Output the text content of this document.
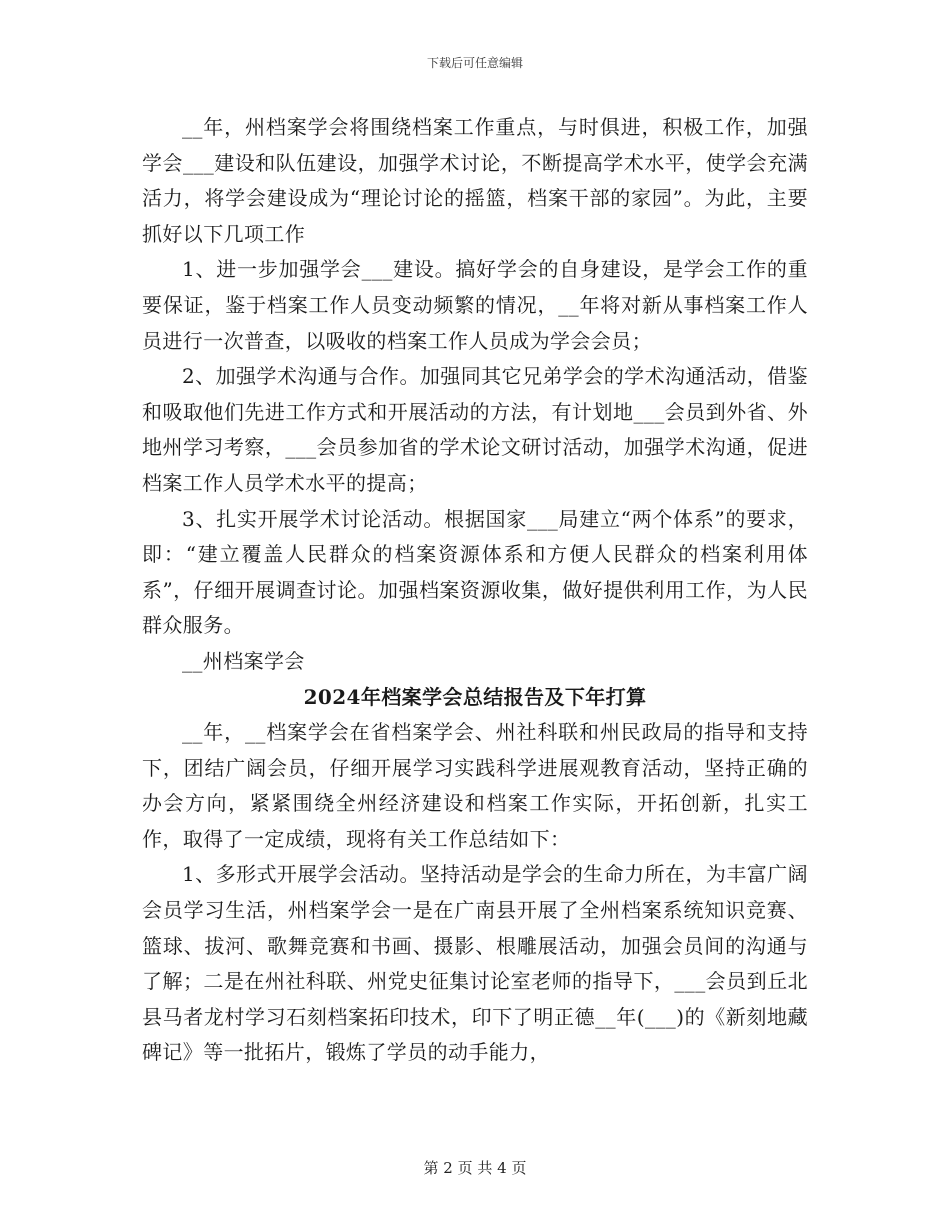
下载后可任意编辑

__年，州档案学会将围绕档案工作重点，与时俱进，积极工作，加强学会___建设和队伍建设，加强学术讨论，不断提高学术水平，使学会充满活力，将学会建设成为“理论讨论的摇篮，档案干部的家园”。为此，主要抓好以下几项工作

1、进一步加强学会___建设。搞好学会的自身建设，是学会工作的重要保证，鉴于档案工作人员变动频繁的情况，__年将对新从事档案工作人员进行一次普查，以吸收的档案工作人员成为学会会员；

2、加强学术沟通与合作。加强同其它兄弟学会的学术沟通活动，借鉴和吸取他们先进工作方式和开展活动的方法，有计划地___会员到外省、外地州学习考察，___会员参加省的学术论文研讨活动，加强学术沟通，促进档案工作人员学术水平的提高；

3、扎实开展学术讨论活动。根据国家___局建立“两个体系”的要求，即：“建立覆盖人民群众的档案资源体系和方便人民群众的档案利用体系”，仔细开展调查讨论。加强档案资源收集，做好提供利用工作，为人民群众服务。

__州档案学会

2024年档案学会总结报告及下年打算

__年，__档案学会在省档案学会、州社科联和州民政局的指导和支持下，团结广阔会员，仔细开展学习实践科学进展观教育活动，坚持正确的办会方向，紧紧围绕全州经济建设和档案工作实际，开拓创新，扎实工作，取得了一定成绩，现将有关工作总结如下：

1、多形式开展学会活动。坚持活动是学会的生命力所在，为丰富广阔会员学习生活，州档案学会一是在广南县开展了全州档案系统知识竞赛、篮球、拔河、歌舞竞赛和书画、摄影、根雕展活动，加强会员间的沟通与了解；二是在州社科联、州党史征集讨论室老师的指导下，___会员到丘北县马者龙村学习石刻档案拓印技术，印下了明正德__年(___)的《新刻地藏碑记》等一批拓片，锻炼了学员的动手能力，

第 2 页 共 4 页
